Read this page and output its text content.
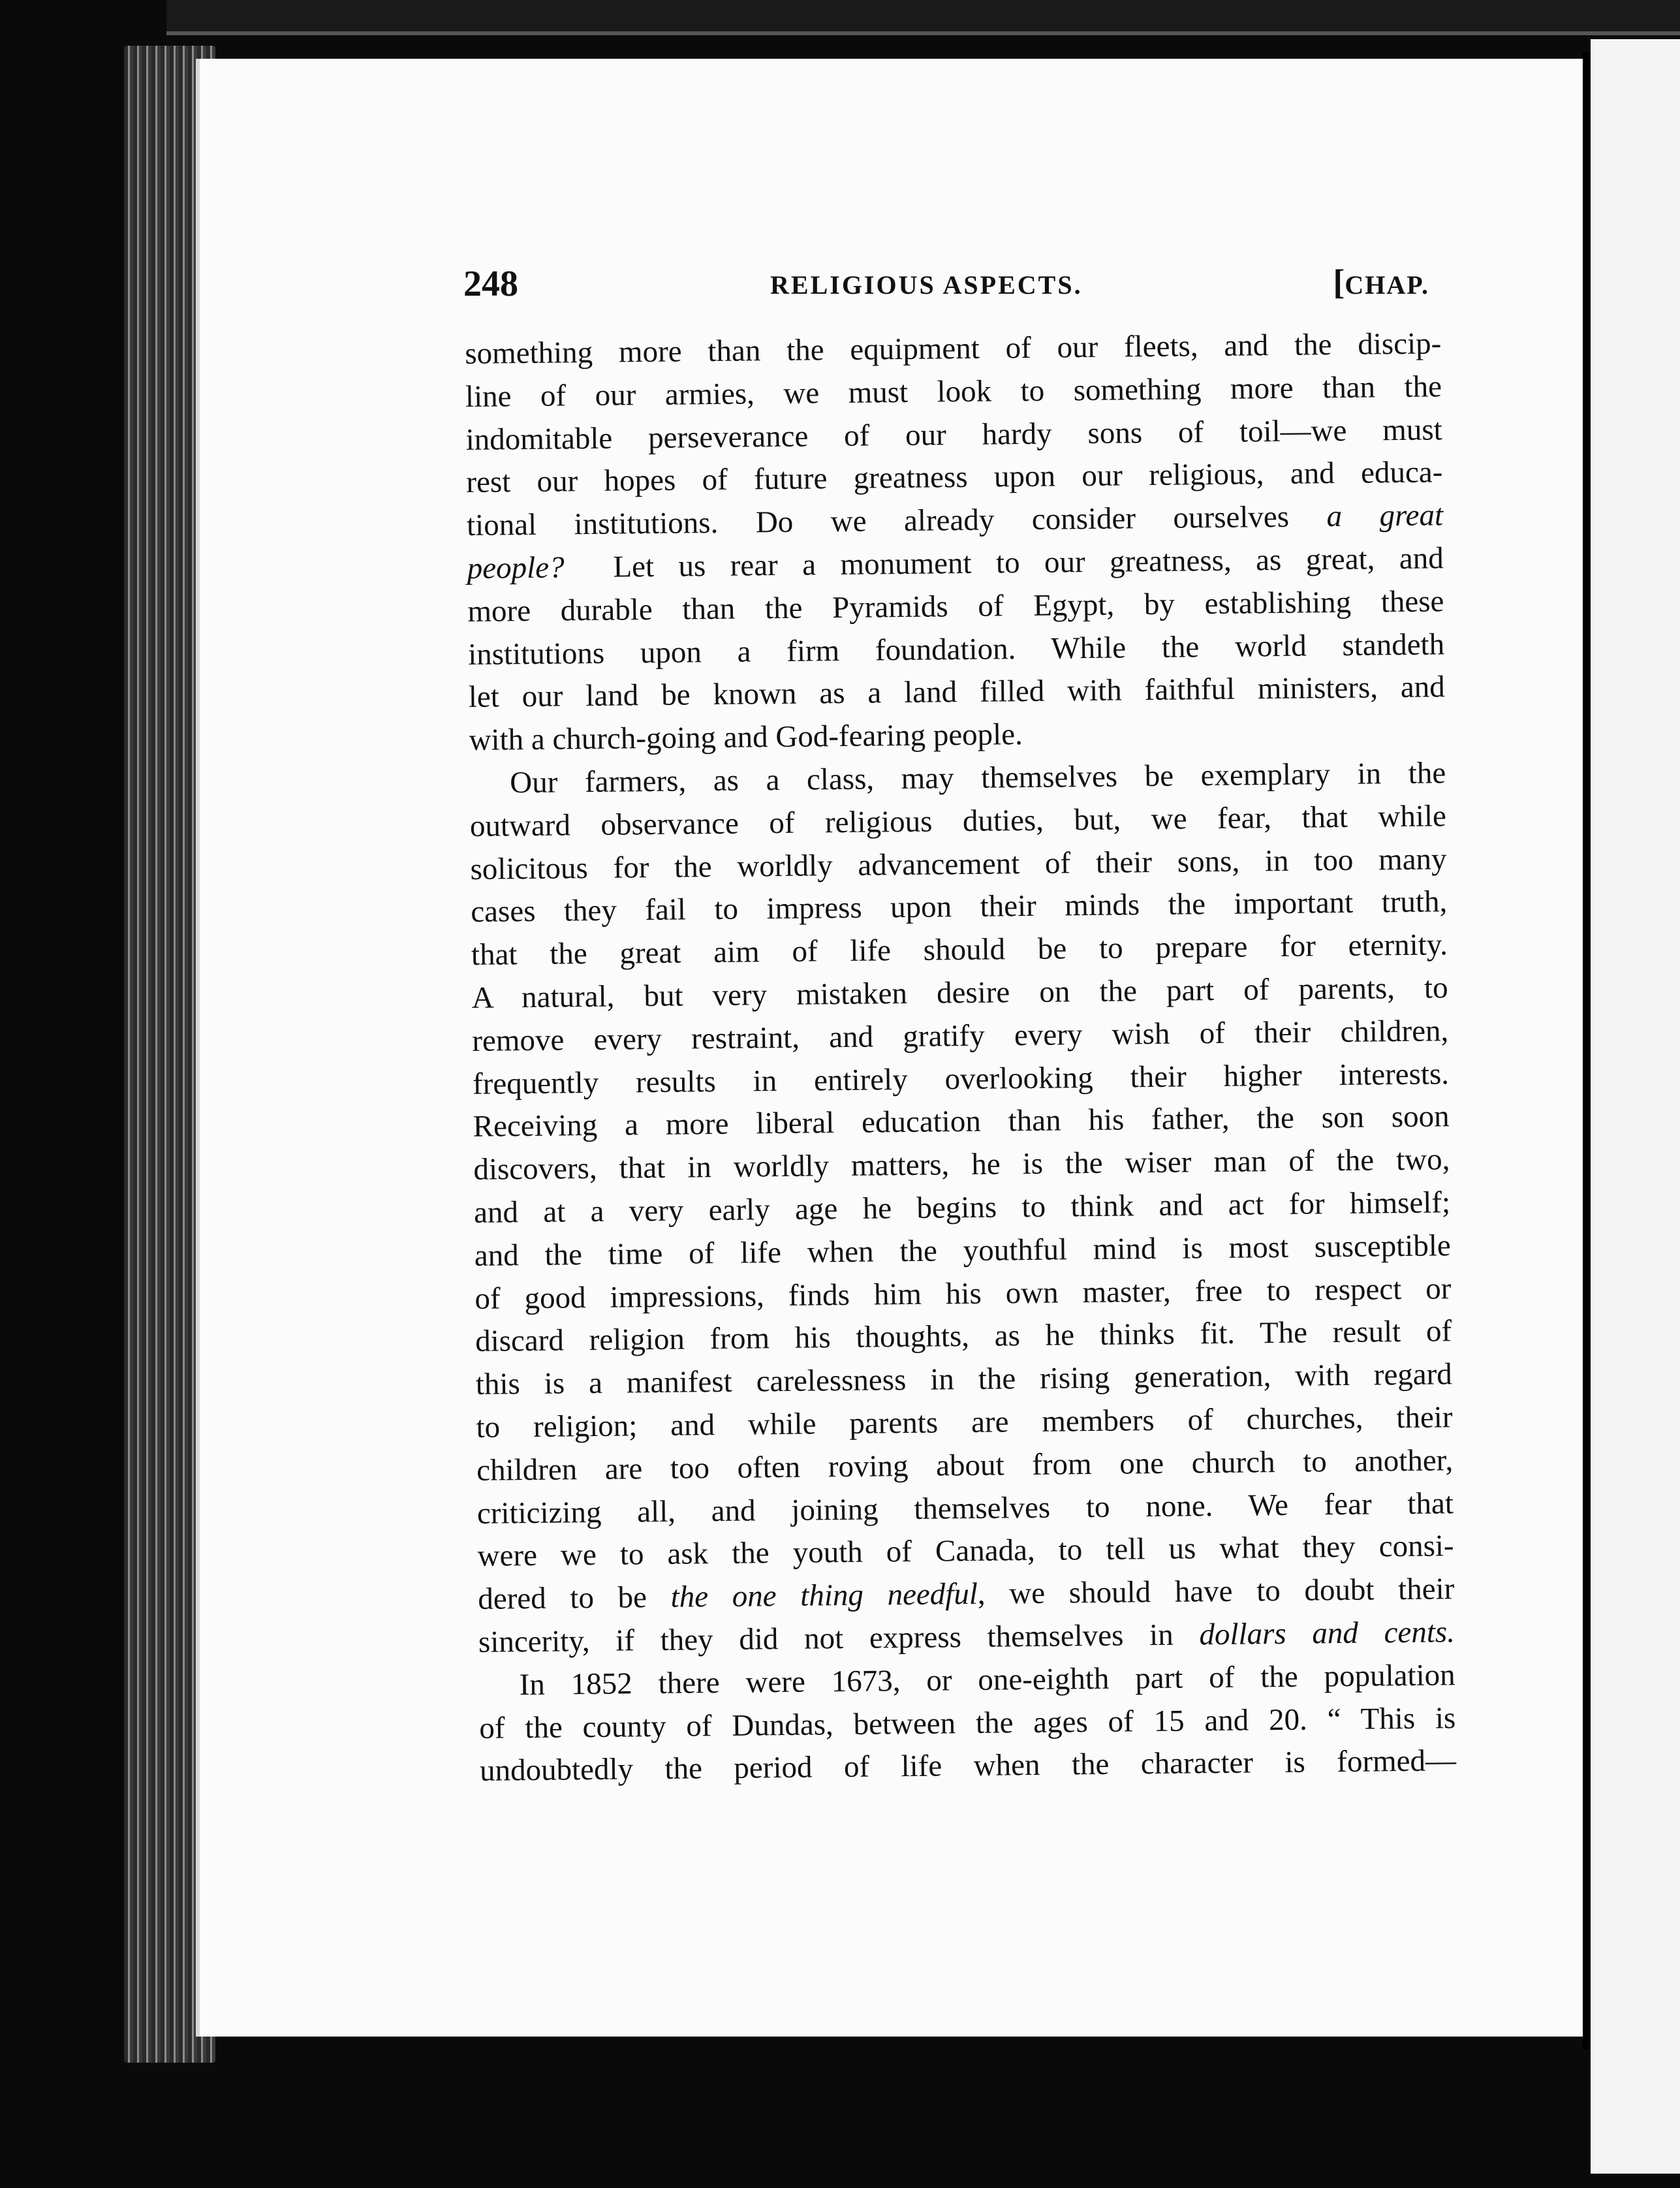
248	RELIGIOUS ASPECTS.	[CHAP.

something more than the equipment of our fleets, and the discip-
line of our armies, we must look to something more than the
indomitable perseverance of our hardy sons of toil—we must
rest our hopes of future greatness upon our religious, and educa-
tional institutions. Do we already consider ourselves a great
people? Let us rear a monument to our greatness, as great, and
more durable than the Pyramids of Egypt, by establishing these
institutions upon a firm foundation. While the world standeth
let our land be known as a land filled with faithful ministers, and
with a church-going and God-fearing people.

Our farmers, as a class, may themselves be exemplary in the
outward observance of religious duties, but, we fear, that while
solicitous for the worldly advancement of their sons, in too many
cases they fail to impress upon their minds the important truth,
that the great aim of life should be to prepare for eternity.
A natural, but very mistaken desire on the part of parents, to
remove every restraint, and gratify every wish of their children,
frequently results in entirely overlooking their higher interests.
Receiving a more liberal education than his father, the son soon
discovers, that in worldly matters, he is the wiser man of the two,
and at a very early age he begins to think and act for himself;
and the time of life when the youthful mind is most susceptible
of good impressions, finds him his own master, free to respect or
discard religion from his thoughts, as he thinks fit. The result of
this is a manifest carelessness in the rising generation, with regard
to religion; and while parents are members of churches, their
children are too often roving about from one church to another,
criticizing all, and joining themselves to none. We fear that
were we to ask the youth of Canada, to tell us what they consi-
dered to be the one thing needful, we should have to doubt their
sincerity, if they did not express themselves in dollars and cents.

In 1852 there were 1673, or one-eighth part of the population
of the county of Dundas, between the ages of 15 and 20. “ This is
undoubtedly the period of life when the character is formed—
